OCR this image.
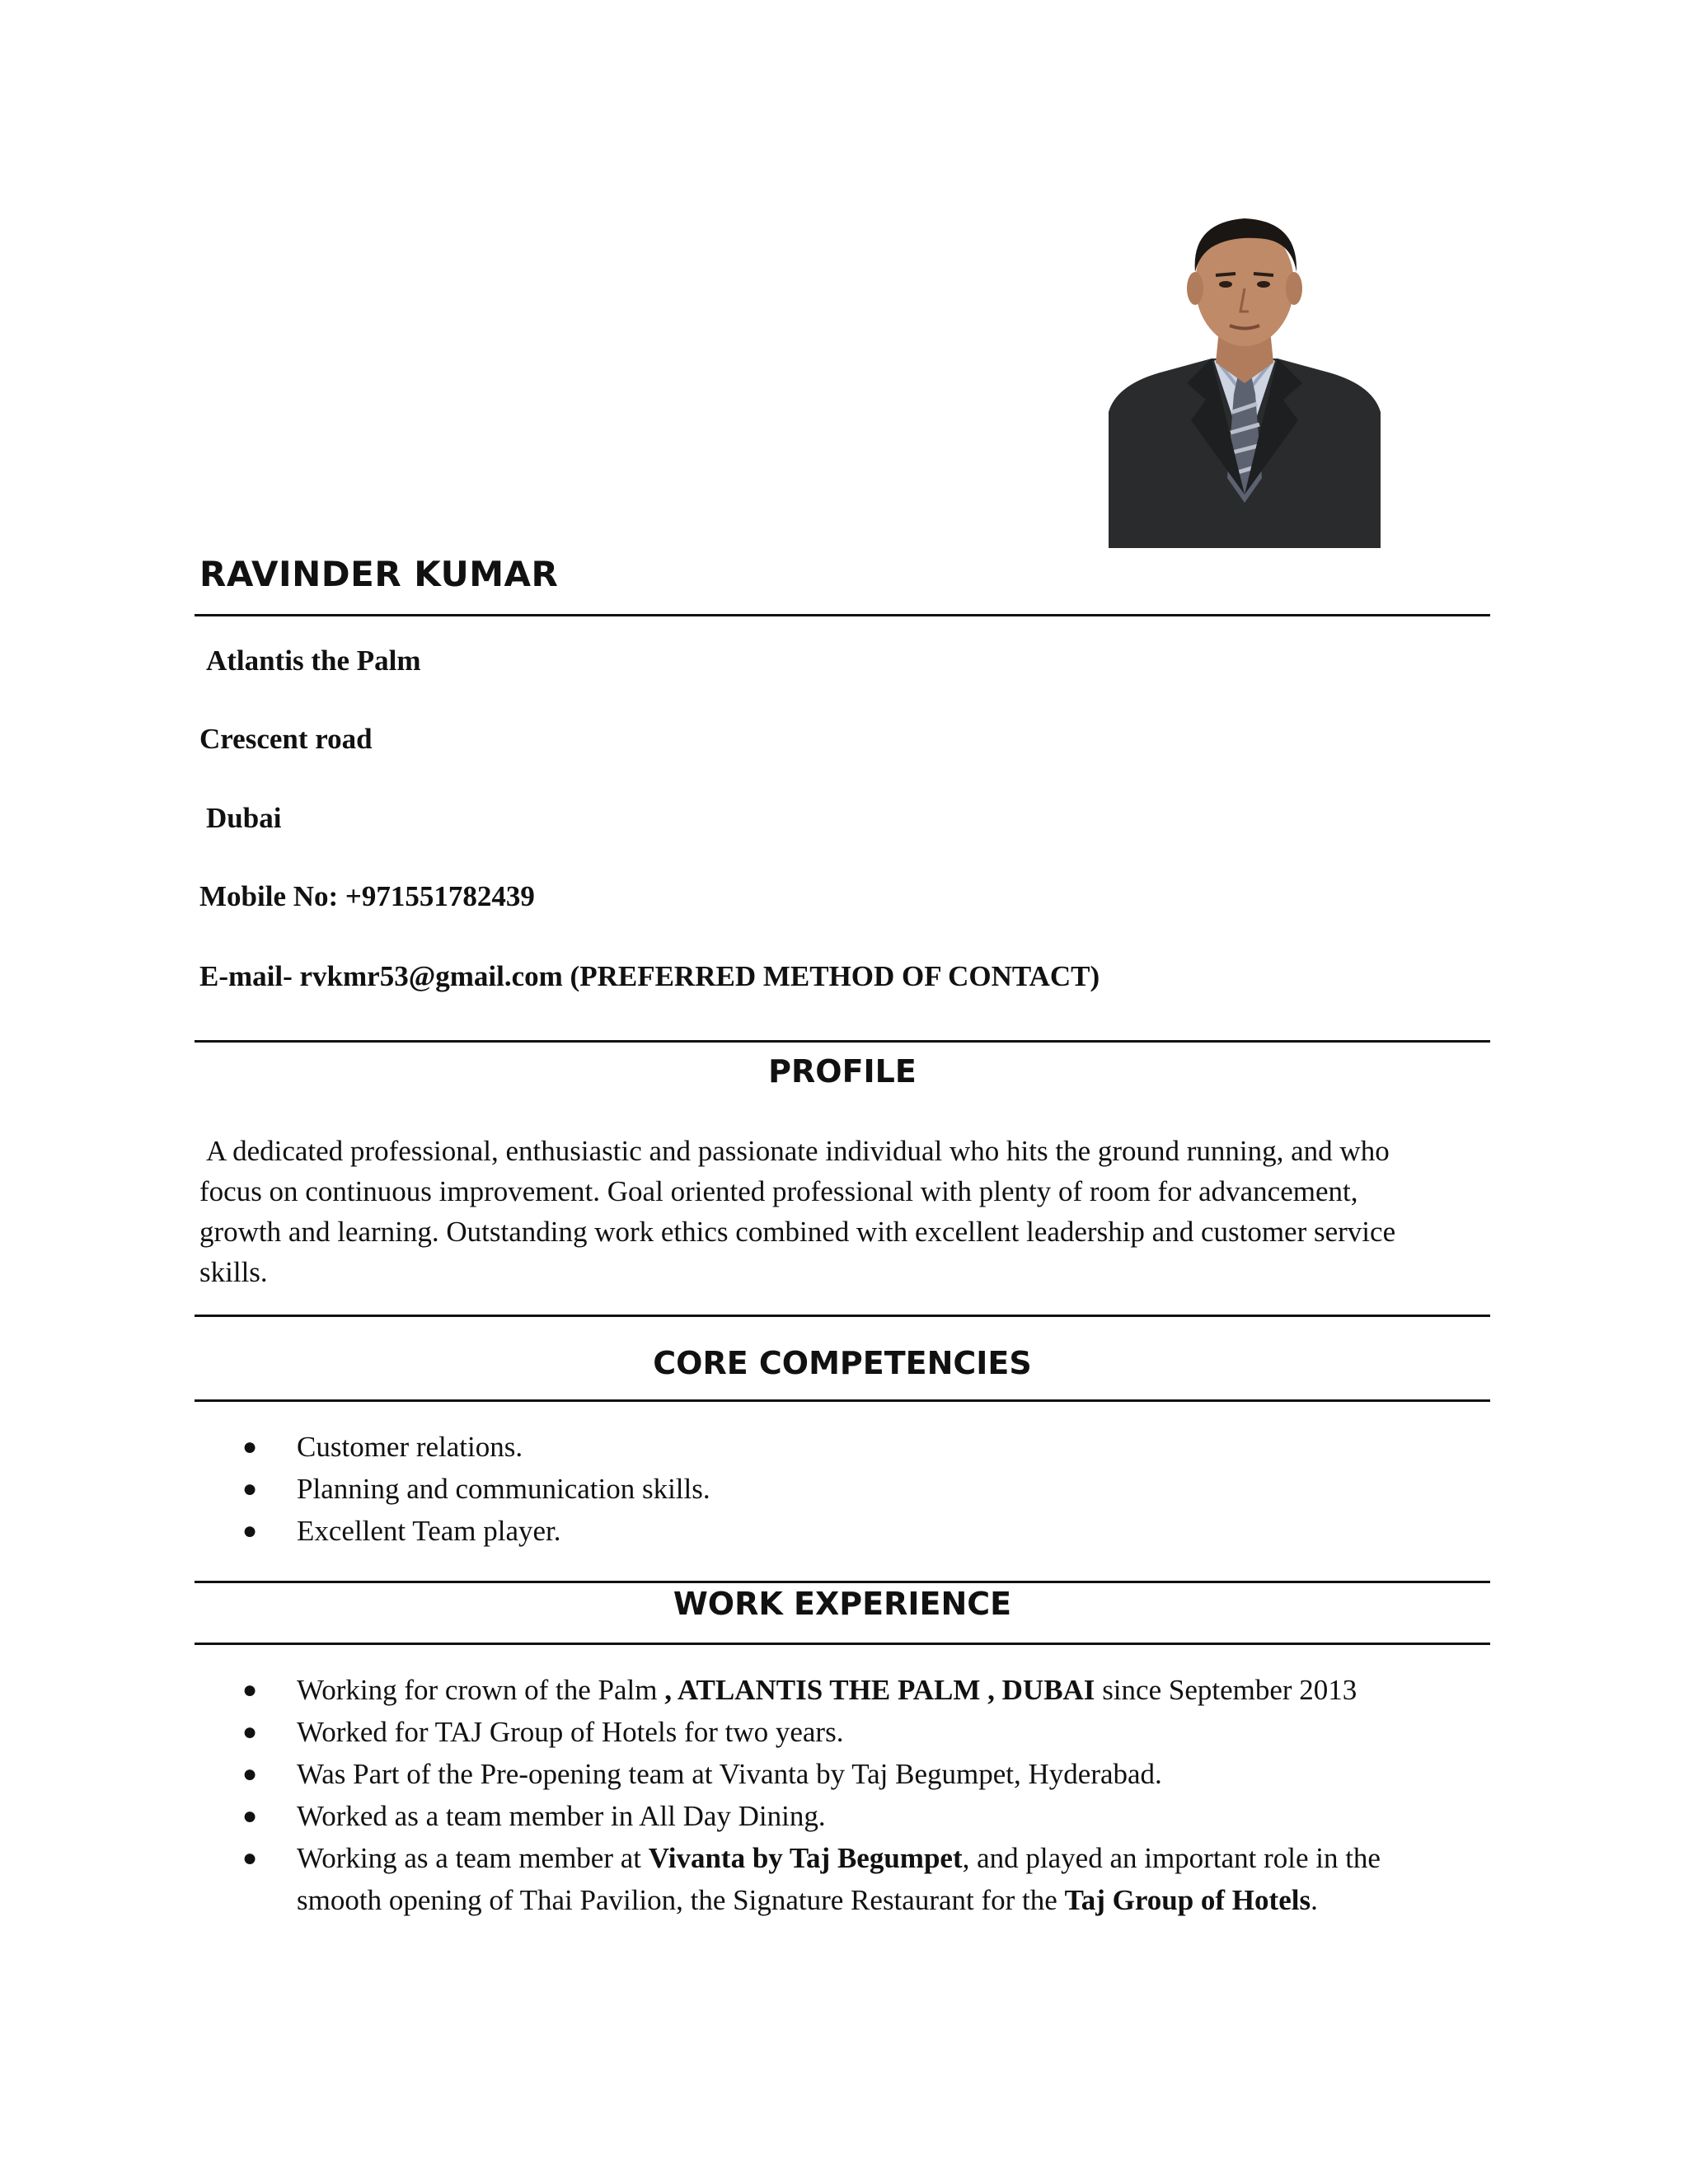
RAVINDER KUMAR

Atlantis the Palm

Crescent road

Dubai

Mobile No: +971551782439

E-mail- rvkmr53@gmail.com (PREFERRED METHOD OF CONTACT)

PROFILE

A dedicated professional, enthusiastic and passionate individual who hits the ground running, and who
focus on continuous improvement. Goal oriented professional with plenty of room for advancement,
growth and learning. Outstanding work ethics combined with excellent leadership and customer service
skills.

CORE COMPETENCIES
● Customer relations.
● Planning and communication skills.
● Excellent Team player.
WORK EXPERIENCE
● Working for crown of the Palm , ATLANTIS THE PALM , DUBAI since September 2013
● Worked for TAJ Group of Hotels for two years.
● Was Part of the Pre-opening team at Vivanta by Taj Begumpet, Hyderabad.
● Worked as a team member in All Day Dining.
● Working as a team member at Vivanta by Taj Begumpet, and played an important role in the
smooth opening of Thai Pavilion, the Signature Restaurant for the Taj Group of Hotels.
